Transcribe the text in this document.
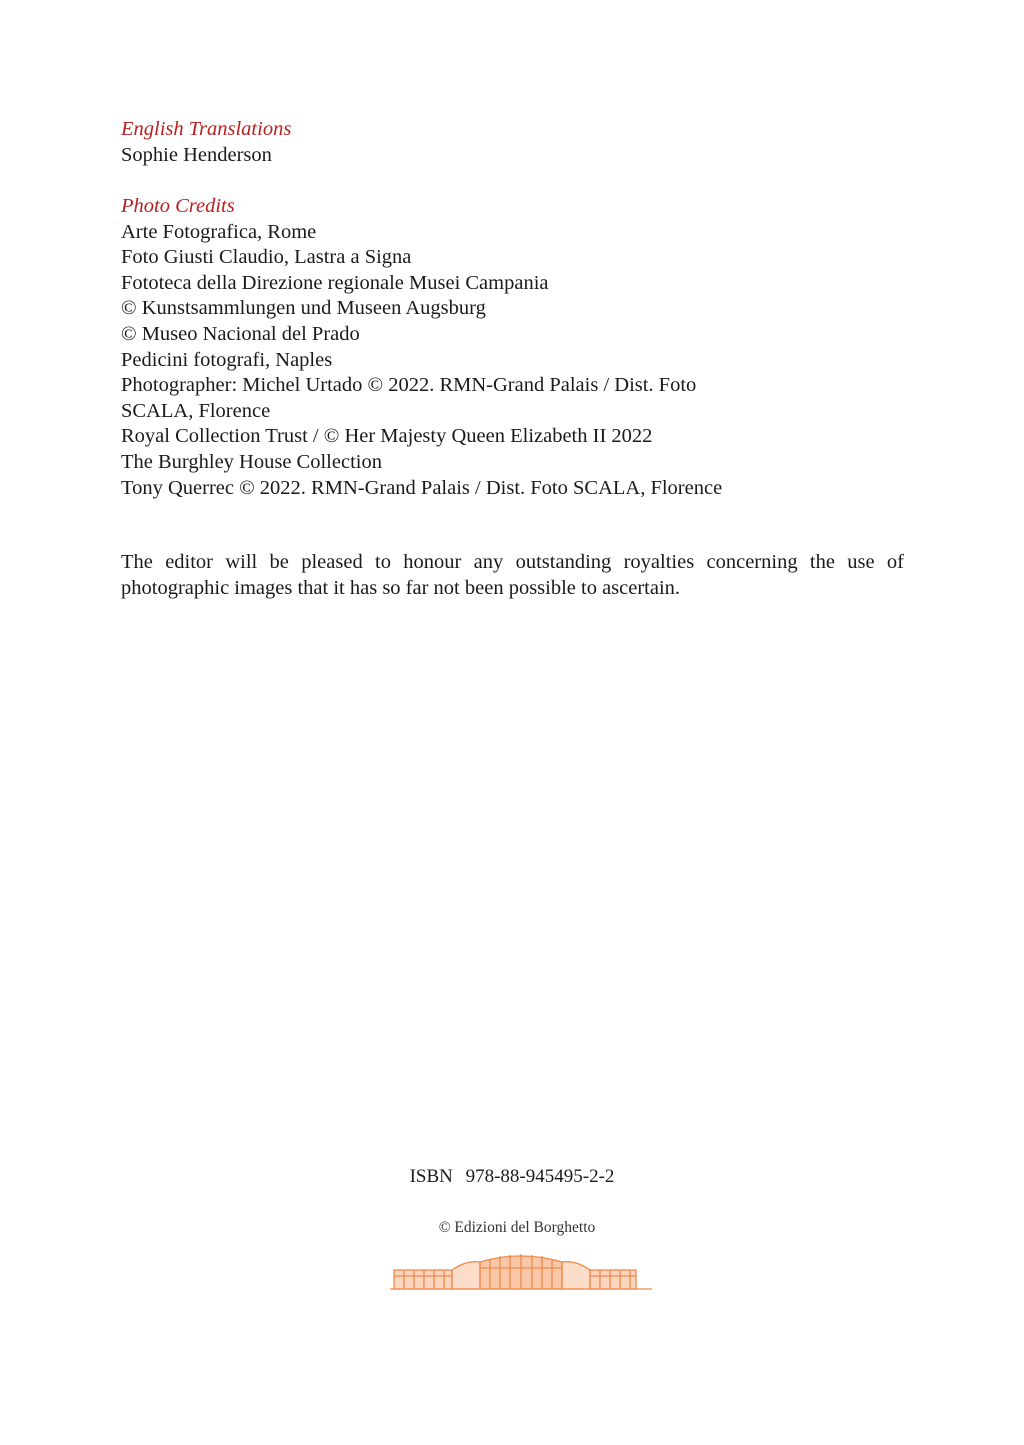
English Translations
Sophie Henderson
Photo Credits
Arte Fotografica, Rome
Foto Giusti Claudio, Lastra a Signa
Fototeca della Direzione regionale Musei Campania
© Kunstsammlungen und Museen Augsburg
© Museo Nacional del Prado
Pedicini fotografi, Naples
Photographer: Michel Urtado © 2022. RMN-Grand Palais / Dist. Foto
SCALA, Florence
Royal Collection Trust / © Her Majesty Queen Elizabeth II 2022
The Burghley House Collection
Tony Querrec © 2022. RMN-Grand Palais / Dist. Foto SCALA, Florence
The editor will be pleased to honour any outstanding royalties concerning the use of
photographic images that it has so far not been possible to ascertain.
ISBN 978-88-945495-2-2
© Edizioni del Borghetto
